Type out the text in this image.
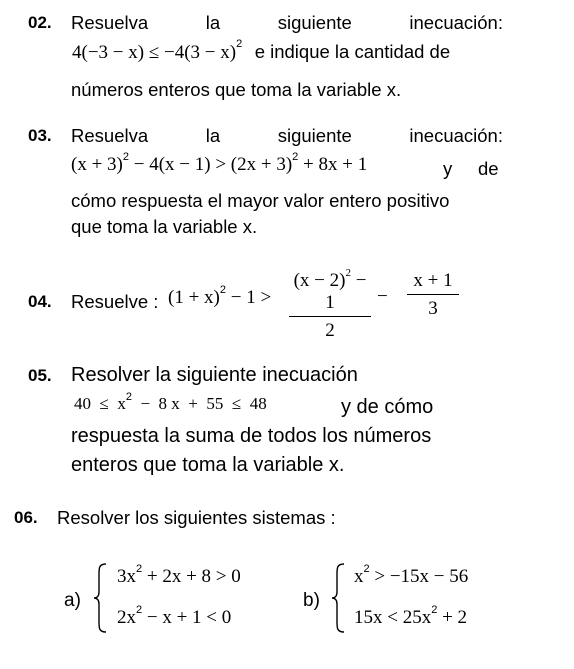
02. Resuelva	la	siguiente	inecuación:
$4(-3 - x) \le -4(3 - x)^2$ e indique la cantidad de
números enteros que toma la variable x.
03. Resuelva	la	siguiente	inecuación:
$(x + 3)^2 - 4(x - 1) > (2x + 3)^2 + 8x + 1$	y de
cómo respuesta el mayor valor entero positivo
que toma la variable x.
04. Resuelve : $(1 + x)^2 - 1$ >
$(x - 2)^2 - 1$
2
−
x + 1
3
05. Resolver la siguiente inecuación
$40 \le x^2 - 8$ x  +  55  ≤  48	y de cómo
respuesta la suma de todos los números
enteros que toma la variable x.
06. Resolver los siguientes sistemas :
a)
$3x^2 + 2x + 8 > 0$
$2x^2 - x + 1 < 0$
b)
$x^2 > -15x - 56$
$15x < 25x^2 + 2$
